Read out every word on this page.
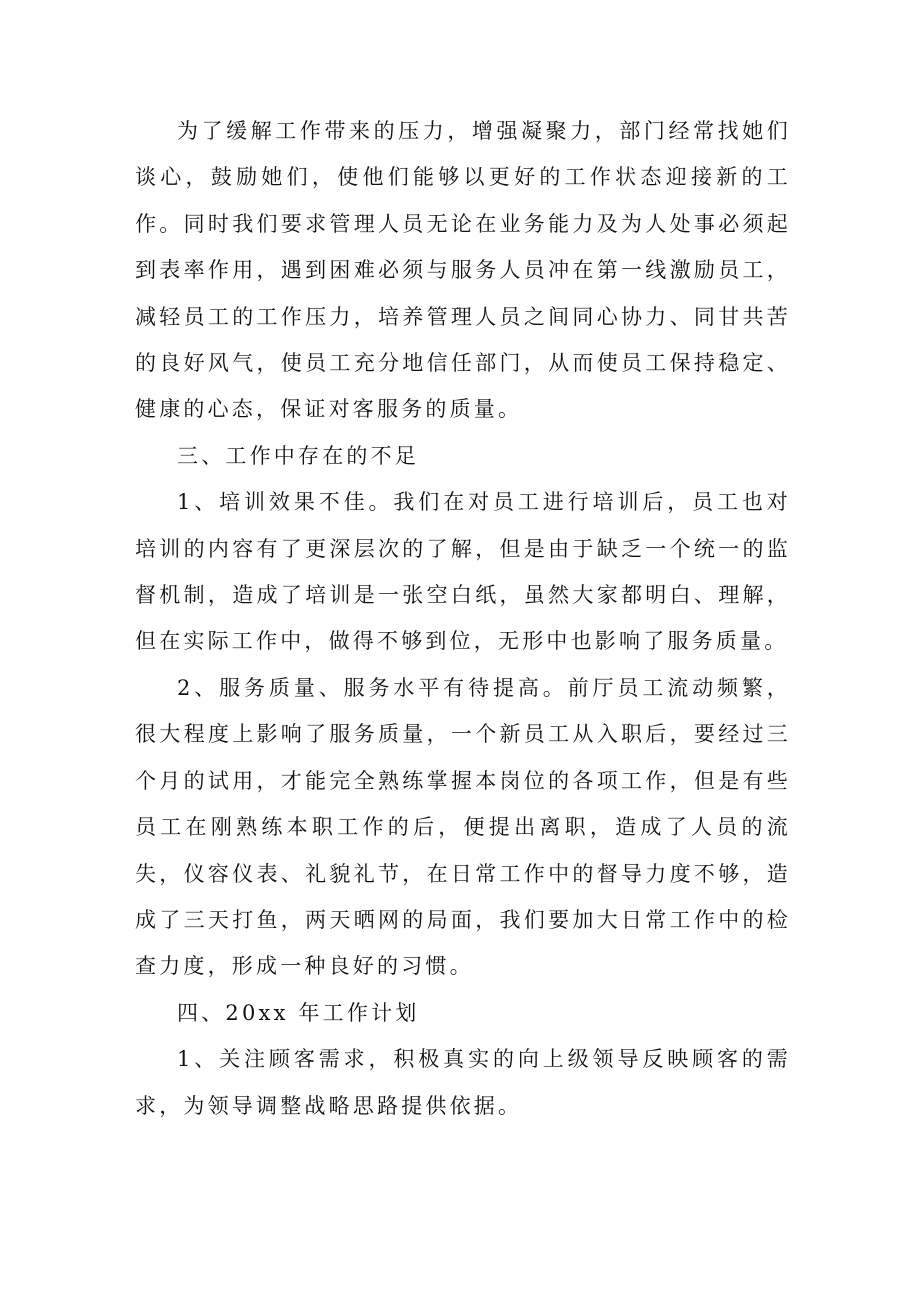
为了缓解工作带来的压力，增强凝聚力，部门经常找她们谈心，鼓励她们，使他们能够以更好的工作状态迎接新的工作。同时我们要求管理人员无论在业务能力及为人处事必须起到表率作用，遇到困难必须与服务人员冲在第一线激励员工，减轻员工的工作压力，培养管理人员之间同心协力、同甘共苦的良好风气，使员工充分地信任部门，从而使员工保持稳定、健康的心态，保证对客服务的质量。

三、工作中存在的不足

1、培训效果不佳。我们在对员工进行培训后，员工也对培训的内容有了更深层次的了解，但是由于缺乏一个统一的监督机制，造成了培训是一张空白纸，虽然大家都明白、理解，但在实际工作中，做得不够到位，无形中也影响了服务质量。

2、服务质量、服务水平有待提高。前厅员工流动频繁，很大程度上影响了服务质量，一个新员工从入职后，要经过三个月的试用，才能完全熟练掌握本岗位的各项工作，但是有些员工在刚熟练本职工作的后，便提出离职，造成了人员的流失，仪容仪表、礼貌礼节，在日常工作中的督导力度不够，造成了三天打鱼，两天晒网的局面，我们要加大日常工作中的检查力度，形成一种良好的习惯。

四、20xx 年工作计划

1、关注顾客需求，积极真实的向上级领导反映顾客的需求，为领导调整战略思路提供依据。
